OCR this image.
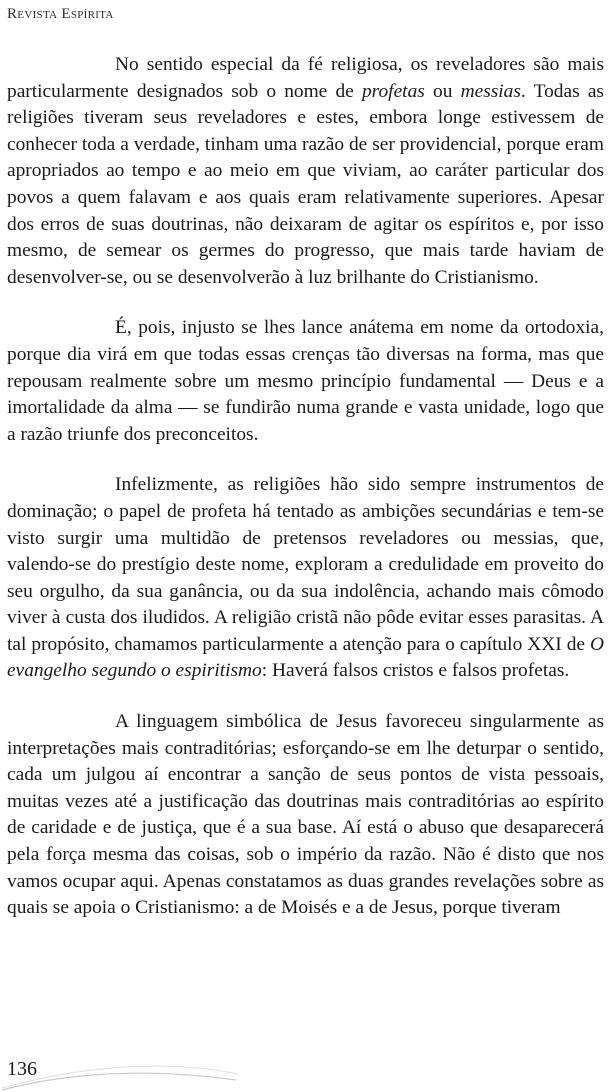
Revista Espírita

No sentido especial da fé religiosa, os reveladores são mais particularmente designados sob o nome de profetas ou messias. Todas as religiões tiveram seus reveladores e estes, embora longe estivessem de conhecer toda a verdade, tinham uma razão de ser providencial, porque eram apropriados ao tempo e ao meio em que viviam, ao caráter particular dos povos a quem falavam e aos quais eram relativamente superiores. Apesar dos erros de suas doutrinas, não deixaram de agitar os espíritos e, por isso mesmo, de semear os germes do progresso, que mais tarde haviam de desenvolver-se, ou se desenvolverão à luz brilhante do Cristianismo.

É, pois, injusto se lhes lance anátema em nome da ortodoxia, porque dia virá em que todas essas crenças tão diversas na forma, mas que repousam realmente sobre um mesmo princípio fundamental — Deus e a imortalidade da alma — se fundirão numa grande e vasta unidade, logo que a razão triunfe dos preconceitos.

Infelizmente, as religiões hão sido sempre instrumentos de dominação; o papel de profeta há tentado as ambições secundárias e tem-se visto surgir uma multidão de pretensos reveladores ou messias, que, valendo-se do prestígio deste nome, exploram a credulidade em proveito do seu orgulho, da sua ganância, ou da sua indolência, achando mais cômodo viver à custa dos iludidos. A religião cristã não pôde evitar esses parasitas. A tal propósito, chamamos particularmente a atenção para o capítulo XXI de O evangelho segundo o espiritismo: Haverá falsos cristos e falsos profetas.

A linguagem simbólica de Jesus favoreceu singularmente as interpretações mais contraditórias; esforçando-se em lhe deturpar o sentido, cada um julgou aí encontrar a sanção de seus pontos de vista pessoais, muitas vezes até a justificação das doutrinas mais contraditórias ao espírito de caridade e de justiça, que é a sua base. Aí está o abuso que desaparecerá pela força mesma das coisas, sob o império da razão. Não é disto que nos vamos ocupar aqui. Apenas constatamos as duas grandes revelações sobre as quais se apoia o Cristianismo: a de Moisés e a de Jesus, porque tiveram

136
